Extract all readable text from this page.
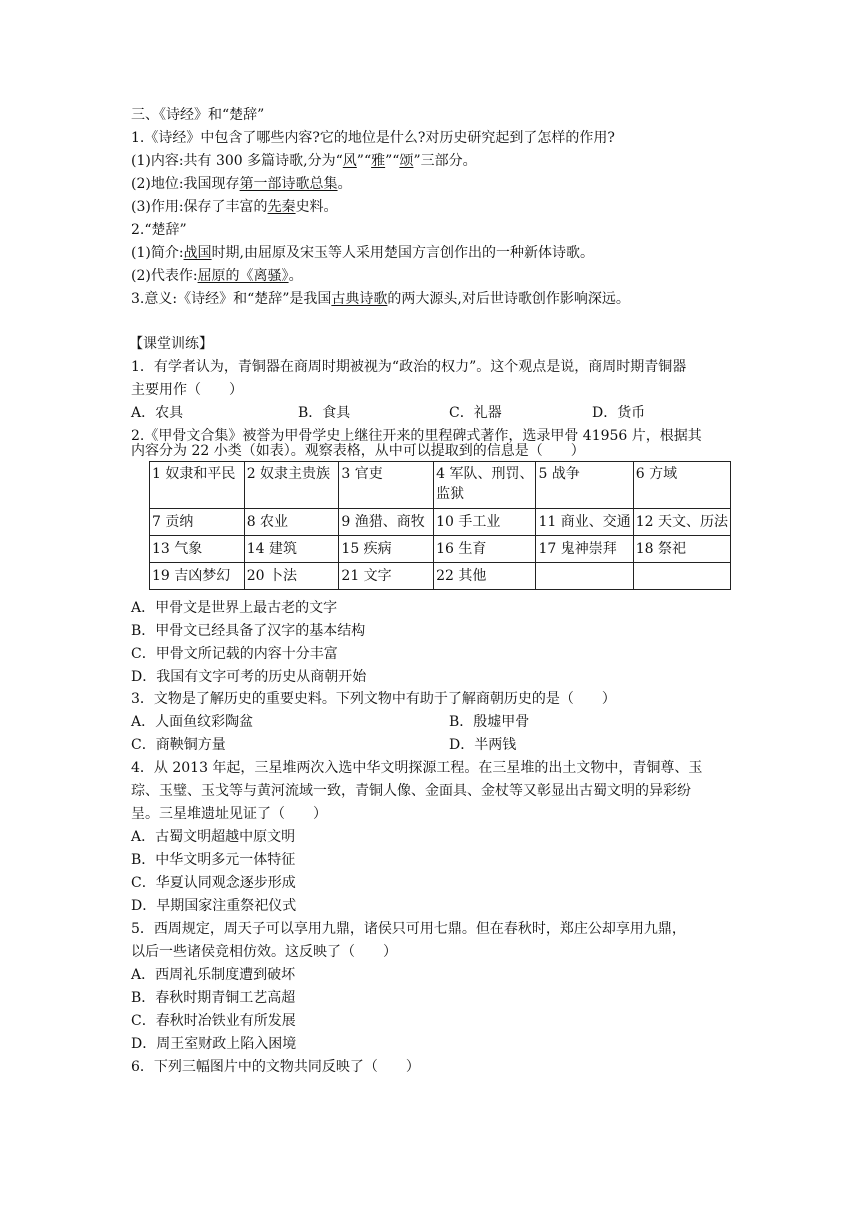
三、《诗经》和“楚辞”
1.《诗经》中包含了哪些内容?它的地位是什么?对历史研究起到了怎样的作用?
(1)内容:共有 300 多篇诗歌,分为“风”“雅”“颂”三部分。
(2)地位:我国现存第一部诗歌总集。
(3)作用:保存了丰富的先秦史料。
2.“楚辞”
(1)简介:战国时期,由屈原及宋玉等人采用楚国方言创作出的一种新体诗歌。
(2)代表作:屈原的《离骚》。
3.意义:《诗经》和“楚辞”是我国古典诗歌的两大源头,对后世诗歌创作影响深远。
【课堂训练】
1．有学者认为，青铜器在商周时期被视为“政治的权力”。这个观点是说，商周时期青铜器
主要用作（　　）
A．农具	B．食具	C．礼器	D．货币
2.《甲骨文合集》被誉为甲骨学史上继往开来的里程碑式著作，选录甲骨 41956 片，根据其
内容分为 22 小类（如表）。观察表格，从中可以提取到的信息是（　　）
1 奴隶和平民	2 奴隶主贵族	3 官吏	4 军队、刑罚、
监狱	5 战争	6 方域
7 贡纳	8 农业	9 渔猎、商牧	10 手工业	11 商业、交通	12 天文、历法
13 气象	14 建筑	15 疾病	16 生育	17 鬼神崇拜	18 祭祀
19 吉凶梦幻	20 卜法	21 文字	22 其他		
A．甲骨文是世界上最古老的文字
B．甲骨文已经具备了汉字的基本结构
C．甲骨文所记载的内容十分丰富
D．我国有文字可考的历史从商朝开始
3．文物是了解历史的重要史料。下列文物中有助于了解商朝历史的是（　　）
A．人面鱼纹彩陶盆	B．殷墟甲骨
C．商鞅铜方量	D．半两钱
4．从 2013 年起，三星堆两次入选中华文明探源工程。在三星堆的出土文物中，青铜尊、玉
琮、玉璧、玉戈等与黄河流域一致，青铜人像、金面具、金杖等又彰显出古蜀文明的异彩纷
呈。三星堆遗址见证了（　　）
A．古蜀文明超越中原文明
B．中华文明多元一体特征
C．华夏认同观念逐步形成
D．早期国家注重祭祀仪式
5．西周规定，周天子可以享用九鼎，诸侯只可用七鼎。但在春秋时，郑庄公却享用九鼎，
以后一些诸侯竞相仿效。这反映了（　　）
A．西周礼乐制度遭到破坏
B．春秋时期青铜工艺高超
C．春秋时冶铁业有所发展
D．周王室财政上陷入困境
6．下列三幅图片中的文物共同反映了（　　）
